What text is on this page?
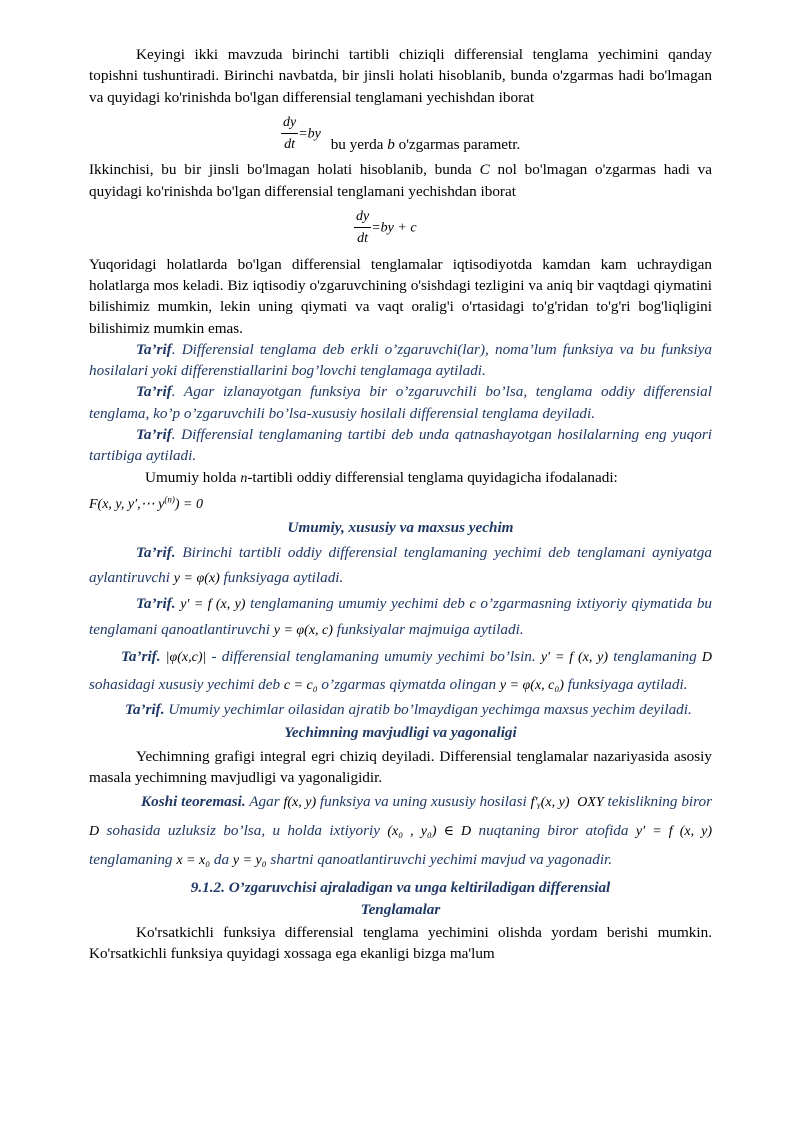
Keyingi ikki mavzuda birinchi tartibli chiziqli differensial tenglama yechimini qanday topishni tushuntiradi. Birinchi navbatda, bir jinsli holati hisoblanib, bunda o'zgarmas hadi bo'lmagan va quyidagi ko'rinishda bo'lgan differensial tenglamani yechishdan iborat

$\frac{dy}{dt} =by$ bu yerda b o'zgarmas parametr.

Ikkinchisi, bu bir jinsli bo'lmagan holati hisoblanib, bunda C nol bo'lmagan o'zgarmas hadi va quyidagi ko'rinishda bo'lgan differensial tenglamani yechishdan iborat

$\frac{dy}{dt} =by + c$

Yuqoridagi holatlarda bo'lgan differensial tenglamalar iqtisodiyotda kamdan kam uchraydigan holatlarga mos keladi. Biz iqtisodiy o'zgaruvchining o'sishdagi tezligini va aniq bir vaqtdagi qiymatini bilishimiz mumkin, lekin uning qiymati va vaqt oralig'i o'rtasidagi to'g'ridan to'g'ri bog'liqligini bilishimiz mumkin emas.

Ta’rif. Differensial tenglama deb erkli o’zgaruvchi(lar), noma’lum funksiya va bu funksiya hosilalari yoki differenstiallarini bog’lovchi tenglamaga aytiladi.

Ta’rif. Agar izlanayotgan funksiya bir o’zgaruvchili bo’lsa, tenglama oddiy differensial tenglama, ko’p o’zgaruvchili bo’lsa-xususiy hosilali differensial tenglama deyiladi.

Ta’rif. Differensial tenglamaning tartibi deb unda qatnashayotgan hosilalarning eng yuqori tartibiga aytiladi.

Umumiy holda n-tartibli oddiy differensial tenglama quyidagicha ifodalanadi:
F(x, y, y′,⋯ $y^{(n)}) = 0$

Umumiy, xususiy va maxsus yechim

Ta’rif. Birinchi tartibli oddiy differensial tenglamaning yechimi deb tenglamani ayniyatga aylantiruvchi y = φ(x) funksiyaga aytiladi.

Ta’rif. y′ = f (x, y) tenglamaning umumiy yechimi deb c o’zgarmasning ixtiyoriy qiymatida bu tenglamani qanoatlantiruvchi y = φ(x, c) funksiyalar majmuiga aytiladi.

Ta’rif. |φ(x,c)| - differensial tenglamaning umumiy yechimi bo’lsin. y′ = f (x, y) tenglamaning D sohasidagi xususiy yechimi deb c = c₀ o’zgarmas qiymatda olingan y = φ(x, c₀) funksiyaga aytiladi.

Ta’rif. Umumiy yechimlar oilasidan ajratib bo’lmaydigan yechimga maxsus yechim deyiladi.

Yechimning mavjudligi va yagonaligi

Yechimning grafigi integral egri chiziq deyiladi. Differensial tenglamalar nazariyasida asosiy masala yechimning mavjudligi va yagonaligidir.

Koshi teoremasi. Agar f(x, y) funksiya va uning xususiy hosilasi f′ᵧ(x, y) OXY tekislikning biror D sohasida uzluksiz bo’lsa, u holda ixtiyoriy (x₀ , y₀) ∈ D nuqtaning biror atofida y′ = f (x, y) tenglamaning x = x₀ da y = y₀ shartni qanoatlantiruvchi yechimi mavjud va yagonadir.

9.1.2. O’zgaruvchisi ajraladigan va unga keltiriladigan differensial

Tenglamalar

Ko'rsatkichli funksiya differensial tenglama yechimini olishda yordam berishi mumkin. Ko'rsatkichli funksiya quyidagi xossaga ega ekanligi bizga ma'lum
